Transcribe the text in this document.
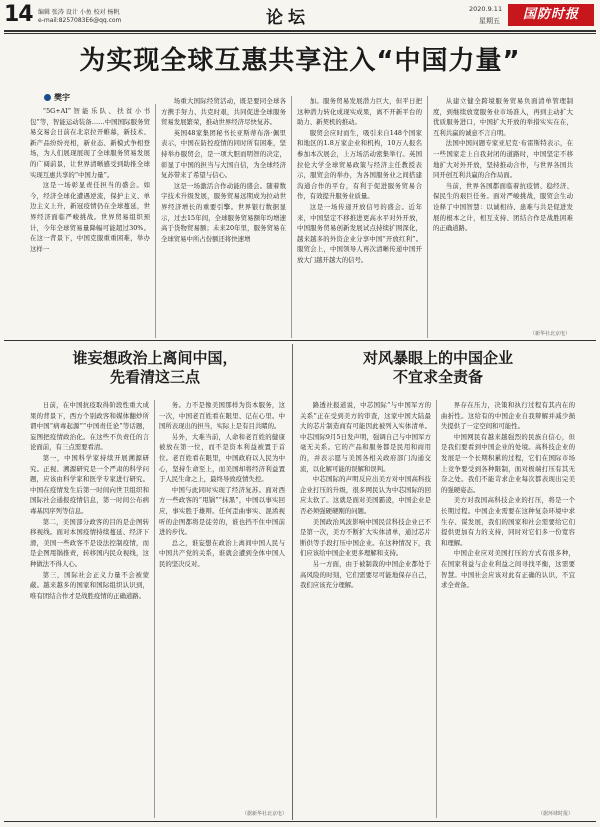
14 编辑 张涛 设计 小鱼 校对 杨帆
e-mail:8257083E6@qq.com	论坛	2020.9.11
星期五	国防时报
为实现全球互惠共享注入“中国力量”
樊宇

“5G+AI”智能乐队、扶贫小书包”等，智能运动装备……中国国际服务贸易交易会日前在北京拉开帷幕，新技术、新产品纷纷亮相，新业态、新模式争相登场，为人们展现展现了全球服务贸易发展的广阔前景，让世界清晰感受到助推全球实现互惠共享的“中国力量”。

这是一场彰显责任担当的盛会。如今，经济全球化遭遇逆流，保护主义、单边主义上升，新冠疫情仍在全球蔓延，世界经济面临严峻挑战。世界贸易组织预计，今年全球贸易量降幅可能超过30%。在这一背景下，中国克服重重困难，举办这样一

场重大国际经贸活动，既是要同全球各方携手努力、共克时艰，共同促进全球服务贸易发展繁荣，推动世界经济尽快复苏。

英国48家集团秘书长亚斯蒂布洛·佩里表示，中国在防控疫情的同时所有困难，坚持举办服贸会，是一项大胆而明智的决定，彰显了中国的担当与大国自信，为全球经济复苏带来了希望与信心。

这是一场激活合作动能的盛会。随着数字技术升级发展，服务贸易远期成为拉动世界经济增长的重要引擎。世界银行数据显示，过去15年间，全球服务贸易额年均增速高于货物贸易额；未来20年里，服务贸易在全球贸易中所占份额还将快速增

加。服务贸易发展潜力巨大，但平日把这种潜力转化成现实成果，离不开新平台的助力、新契机的推动。

服贸会应时而生，吸引来自148个国家和地区的1.8万家企业和机构，10万人报名参加本次展会，上万场活动密集举行。英国拉伦大学全球贸易政策与经济主任教授表示，服贸会的举办，为各国服务业之间搭建沟通合作的平台，有利于促进服务贸易合作，有效提升服务业质量。

这是一场传递开放信号的盛会。近年来，中国坚定不移推进更高水平对外开放，中国服务贸易创新发展试点持续扩围深化，越来越多的外资企业分享中国“开放红利”。服贸会上，中国领导人再次清晰传递中国开放大门越开越大的信号。

从建立健全跨境服务贸易负面清单管理制度，到继续放宽服务业市场准入，再到主动扩大优质服务进口，中国扩大开放的举措实实在在，互利共赢的诚意不言自明。

法国中国问题专家亚尼克·布雷斯特表示，在一些国家走上自我封闭的道路时，中国坚定不移地扩大对外开放，坚持推动合作，与世界各国共同开创互利共赢的合作局面。

当前，世界各国都面临着抗疫情、稳经济、保民生的艰巨任务。面对严峻挑战，服贸会生动诠释了中国智慧：以诚相待、患难与共是促进发展的根本之计，相互支持、团结合作是战胜困难的正确道路。

（新华社北京电）
谁妄想政治上离间中国，
先看清这三点

日前，在中国抗疫取得阶段性重大成果的背景下，西方个别政客和媒体翻炒所谓中国“病毒起源”“中国责任论”等话题，妄图把疫情政治化。在这些不负责任的言论面前，有三点需要看清。

第一，中国科学家持续开展溯源研究。正视、溯源研究是一个严肃的科学问题，应该由科学家和医学专家进行研究。中国在疫情发生后第一时间向世卫组织和国际社会通报疫情信息，第一时间公布病毒基因序列等信息。

第二，美国部分政客的目的是企图转移视线。面对本国疫情持续蔓延、经济下滑，美国一些政客不是设法控制疫情，而是企图甩锅推责，转移国内民众视线，这种做法不得人心。

第三，国际社会正义力量不会被蒙蔽。越来越多的国家和国际组织认识到，唯有团结合作才是战胜疫情的正确道路。

务。力不是像美国那样为资本服务，这一次，中国老百姓看在眼里、记在心里。中国所表现出的担当，实际上是有目共睹的。

另外，大难当前，人命和老百姓的健康被放在第一位，而不是资本利益被置于首位。老百姓看在眼里，中国政府以人民为中心，坚持生命至上，而美国却将经济利益置于人民生命之上，最终导致疫情失控。

中国与此同时实现了经济复苏。面对西方一些政客的“甩锅”“抹黑”，中国以事实回应，事实胜于雄辩。任何歪曲事实、混淆视听的企图都将是徒劳的，谁也挡不住中国前进的步伐。

总之，谁妄想在政治上离间中国人民与中国共产党的关系，谁就会遭到全体中国人民的坚决反对。

（据新华社北京电）
对风暴眼上的中国企业
不宜求全责备

路透社报道说，中芯国际“与中国军方的关系”正在受到美方的审查，这家中国大陆最大的芯片制造商有可能因此被列入实体清单。中芯国际9月5日发声明，强调自己与中国军方毫无关系。它的产品和服务都是民用和商用的，并表示愿与美国各相关政府部门沟通交流，以化解可能的误解和误判。

中芯国际的声明反应出美方对中国高科技企业打压的升级，很多网民认为中芯国际的回应太软了。这就是面对美国霸凌，中国企业是否必须强硬硬刚的问题。

美国政治风波影响中国民营科技企业已不是第一次，美方不断扩大实体清单，通过芯片断供等手段打压中国企业。在这种情况下，我们应该给中国企业更多理解和支持。

另一方面，由于被制裁的中国企业都处于高风险的时刻，它们需要尽可能地保存自己，我们应该充分理解。

界存在压力，决策和执行过程有其内在的曲折性。这给有的中国企业自我辩解并减少损失提供了一定空间和可能性。

中国网民有越来越强烈的民族自信心，但是我们要看到中国企业的处境。高科技企业的发展是一个长期积累的过程，它们在国际市场上竞争要受到各种限制，面对极端打压有其无奈之处。我们不能苛求企业每次都表现出完美的强硬姿态。

美方对我国高科技企业的打压，将是一个长期过程。中国企业需要在这种复杂环境中求生存、谋发展，我们的国家和社会需要给它们提供更加有力的支持，同时对它们多一份宽容和理解。

中国企业应对美国打压的方式有很多种，在国家利益与企业利益之间寻找平衡，这需要智慧。中国社会应该对此有正确的认识，不宜求全责备。

（据环球时报）
